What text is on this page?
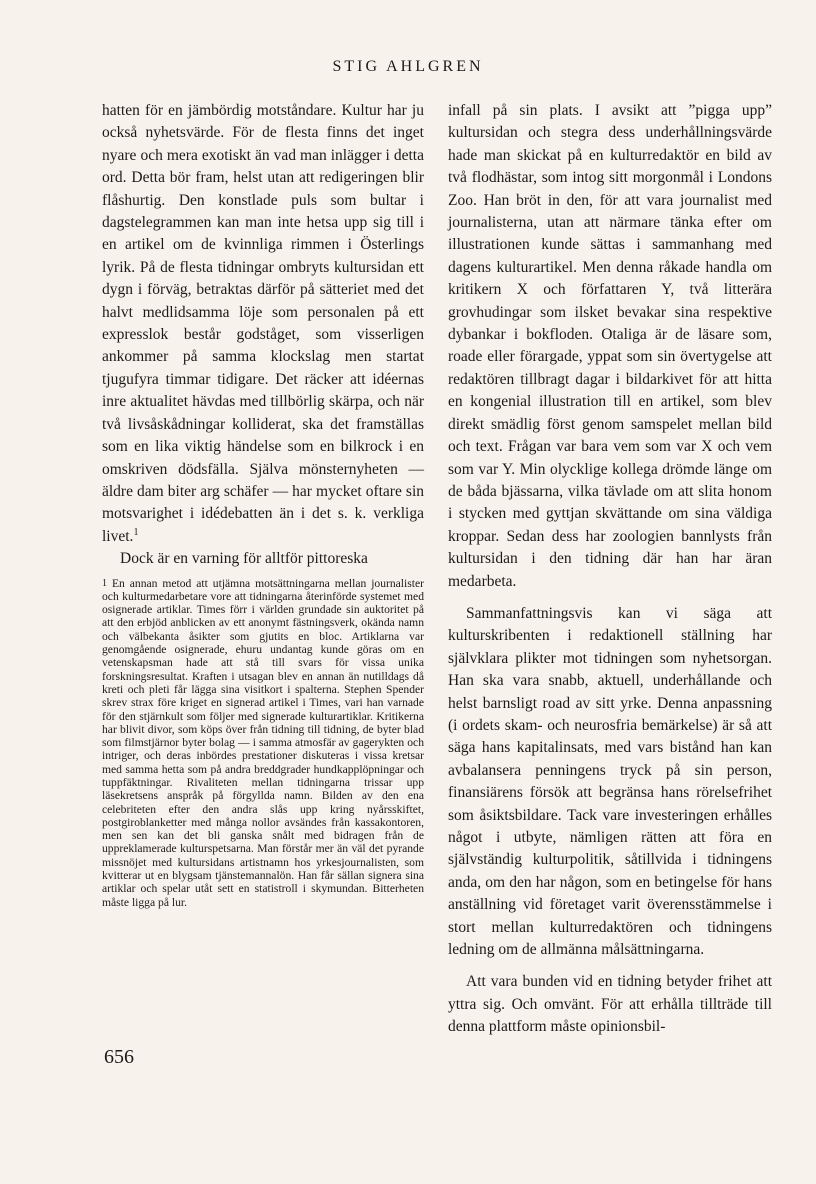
STIG AHLGREN

hatten för en jämbördig motståndare. Kultur har ju också nyhetsvärde. För de flesta finns det inget nyare och mera exotiskt än vad man inlägger i detta ord. Detta bör fram, helst utan att redigeringen blir flåshurtig. Den konstlade puls som bultar i dagstelegrammen kan man inte hetsa upp sig till i en artikel om de kvinnliga rimmen i Österlings lyrik. På de flesta tidningar ombryts kultursidan ett dygn i förväg, betraktas därför på sätteriet med det halvt medlidsamma löje som personalen på ett expresslok består godståget, som visserligen ankommer på samma klockslag men startat tjugufyra timmar tidigare. Det räcker att idéernas inre aktualitet hävdas med tillbörlig skärpa, och när två livsåskådningar kolliderat, ska det framställas som en lika viktig händelse som en bilkrock i en omskriven dödsfälla. Själva mönsternyheten — äldre dam biter arg schäfer — har mycket oftare sin motsvarighet i idédebatten än i det s. k. verkliga livet.$^1$

Dock är en varning för alltför pittoreska

1 En annan metod att utjämna motsättningarna mellan journalister och kulturmedarbetare vore att tidningarna återinförde systemet med osignerade artiklar. Times förr i världen grundade sin auktoritet på att den erbjöd anblicken av ett anonymt fästningsverk, okända namn och välbekanta åsikter som gjutits en bloc. Artiklarna var genomgående osignerade, ehuru undantag kunde göras om en vetenskapsman hade att stå till svars för vissa unika forskningsresultat. Kraften i utsagan blev en annan än nutilldags då kreti och pleti får lägga sina visitkort i spalterna. Stephen Spender skrev strax före kriget en signerad artikel i Times, vari han varnade för den stjärnkult som följer med signerade kulturartiklar. Kritikerna har blivit divor, som köps över från tidning till tidning, de byter blad som filmstjärnor byter bolag — i samma atmosfär av gagerykten och intriger, och deras inbördes prestationer diskuteras i vissa kretsar med samma hetta som på andra breddgrader hundkapplöpningar och tuppfäktningar. Rivaliteten mellan tidningarna trissar upp läsekretsens anspråk på förgyllda namn. Bilden av den ena celebriteten efter den andra slås upp kring nyårsskiftet, postgiroblanketter med många nollor avsändes från kassakontoren, men sen kan det bli ganska snålt med bidragen från de uppreklamerade kulturspetsarna. Man förstår mer än väl det pyrande missnöjet med kultursidans artistnamn hos yrkesjournalisten, som kvitterar ut en blygsam tjänstemannalön. Han får sällan signera sina artiklar och spelar utåt sett en statistroll i skymundan. Bitterheten måste ligga på lur.

infall på sin plats. I avsikt att ”pigga upp” kultursidan och stegra dess underhållningsvärde hade man skickat på en kulturredaktör en bild av två flodhästar, som intog sitt morgonmål i Londons Zoo. Han bröt in den, för att vara journalist med journalisterna, utan att närmare tänka efter om illustrationen kunde sättas i sammanhang med dagens kulturartikel. Men denna råkade handla om kritikern X och författaren Y, två litterära grovhudingar som ilsket bevakar sina respektive dybankar i bokfloden. Otaliga är de läsare som, roade eller förargade, yppat som sin övertygelse att redaktören tillbragt dagar i bildarkivet för att hitta en kongenial illustration till en artikel, som blev direkt smädlig först genom samspelet mellan bild och text. Frågan var bara vem som var X och vem som var Y. Min olycklige kollega drömde länge om de båda bjässarna, vilka tävlade om att slita honom i stycken med gyttjan skvättande om sina väldiga kroppar. Sedan dess har zoologien bannlysts från kultursidan i den tidning där han har äran medarbeta.

Sammanfattningsvis kan vi säga att kulturskribenten i redaktionell ställning har självklara plikter mot tidningen som nyhetsorgan. Han ska vara snabb, aktuell, underhållande och helst barnsligt road av sitt yrke. Denna anpassning (i ordets skam- och neurosfria bemärkelse) är så att säga hans kapitalinsats, med vars bistånd han kan avbalansera penningens tryck på sin person, finansiärens försök att begränsa hans rörelsefrihet som åsiktsbildare. Tack vare investeringen erhålles något i utbyte, nämligen rätten att föra en självständig kulturpolitik, såtillvida i tidningens anda, om den har någon, som en betingelse för hans anställning vid företaget varit överensstämmelse i stort mellan kulturredaktören och tidningens ledning om de allmänna målsättningarna.

Att vara bunden vid en tidning betyder frihet att yttra sig. Och omvänt. För att erhålla tillträde till denna plattform måste opinionsbil-

656
